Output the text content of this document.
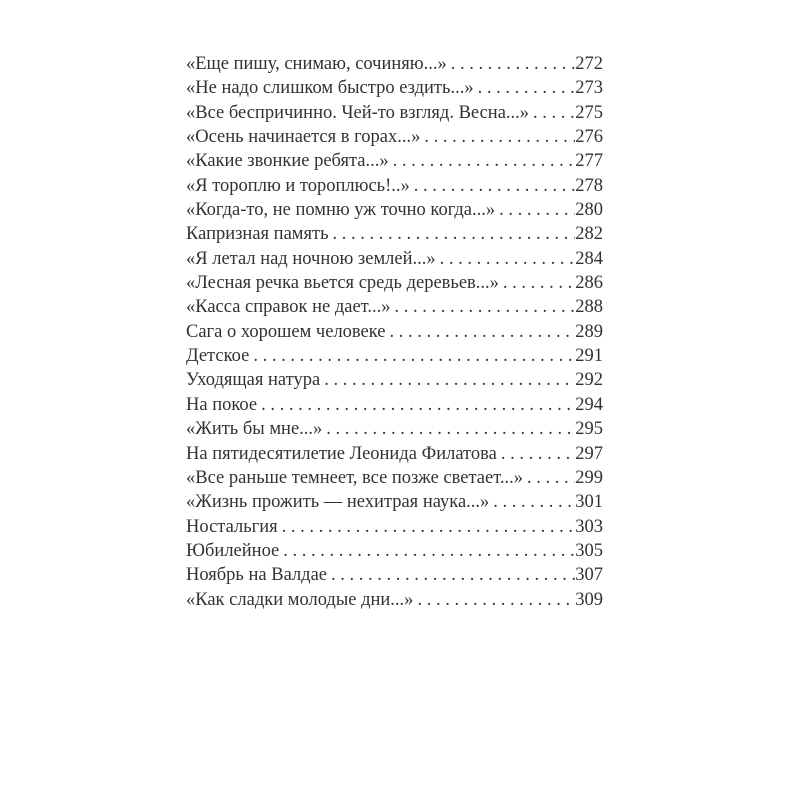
«Еще пишу, снимаю, сочиняю...» . . .	272
«Не надо слишком быстро ездить...» . . .	273
«Все беспричинно. Чей-то взгляд. Весна...» . . . 275
«Осень начинается в горах...» . . .	276
«Какие звонкие ребята...» . . .	277
«Я тороплю и тороплюсь!..» . . .	278
«Когда-то, не помню уж точно когда...» . . .	280
Капризная память . . .	282
«Я летал над ночною землей...» . . .	284
«Лесная речка вьется средь деревьев...» . . .	286
«Касса справок не дает...» . . .	288
Сага о хорошем человеке . . .	289
Детское . . .	291
Уходящая натура . . .	292
На покое . . .	294
«Жить бы мне...» . . .	295
На пятидесятилетие Леонида Филатова . . .	297
«Все раньше темнеет, все позже светает...» . . .	299
«Жизнь прожить — нехитрая наука...» . . .	301
Ностальгия . . .	303
Юбилейное . . .	305
Ноябрь на Валдае . . .	307
«Как сладки молодые дни...» . . .	309
